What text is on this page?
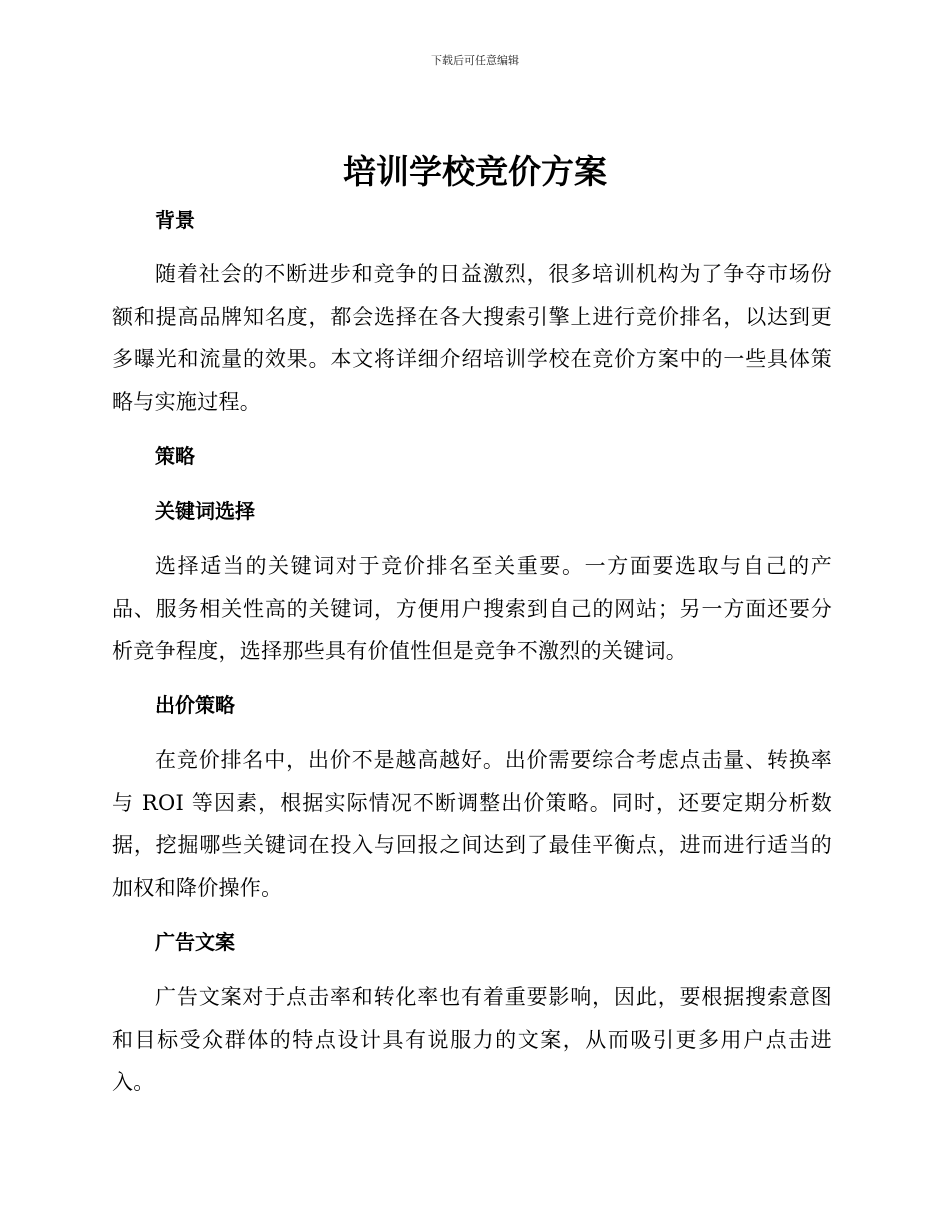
下载后可任意编辑
培训学校竞价方案
背景

随着社会的不断进步和竞争的日益激烈，很多培训机构为了争夺市场份额和提高品牌知名度，都会选择在各大搜索引擎上进行竞价排名，以达到更多曝光和流量的效果。本文将详细介绍培训学校在竞价方案中的一些具体策略与实施过程。

策略
关键词选择

选择适当的关键词对于竞价排名至关重要。一方面要选取与自己的产品、服务相关性高的关键词，方便用户搜索到自己的网站；另一方面还要分析竞争程度，选择那些具有价值性但是竞争不激烈的关键词。

出价策略

在竞价排名中，出价不是越高越好。出价需要综合考虑点击量、转换率与 ROI 等因素，根据实际情况不断调整出价策略。同时，还要定期分析数据，挖掘哪些关键词在投入与回报之间达到了最佳平衡点，进而进行适当的加权和降价操作。

广告文案

广告文案对于点击率和转化率也有着重要影响，因此，要根据搜索意图和目标受众群体的特点设计具有说服力的文案，从而吸引更多用户点击进入。
